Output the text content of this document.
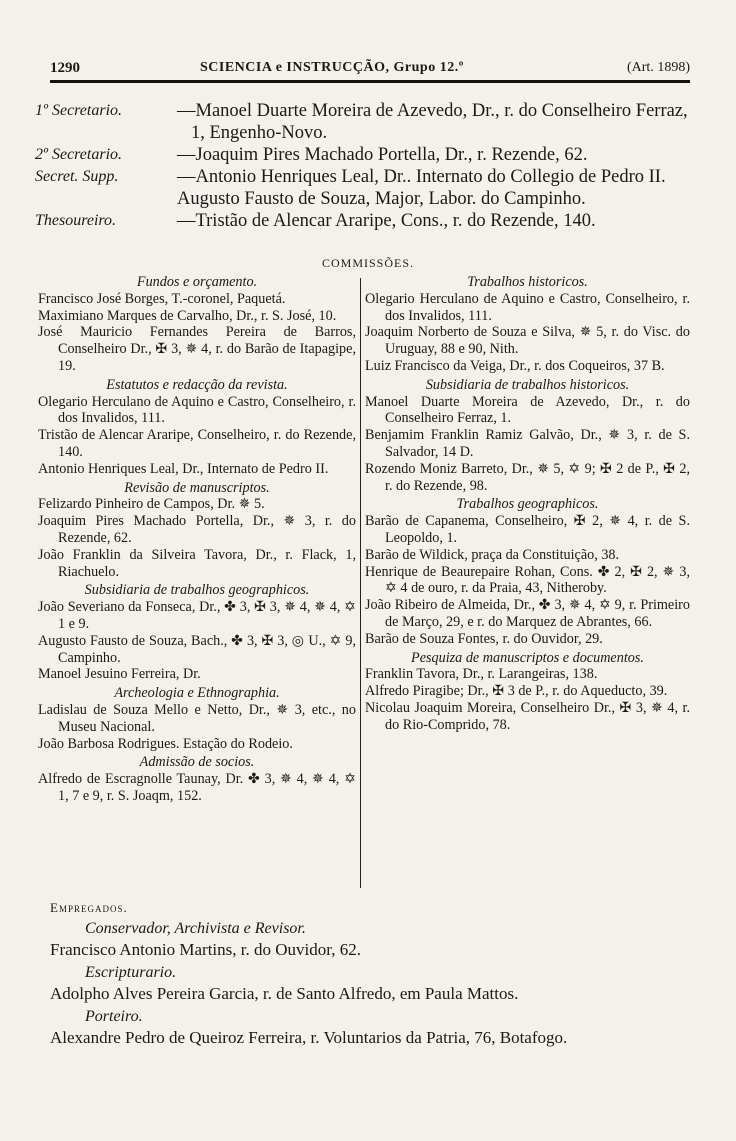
1290	SCIENCIA e INSTRUCÇÃO, Grupo 12.º	(Art. 1898)
1º Secretario.	—Manoel Duarte Moreira de Azevedo, Dr., r. do Conselheiro Ferraz, 1, Engenho-Novo.
2º Secretario.	—Joaquim Pires Machado Portella, Dr., r. Rezende, 62.
Secret. Supp.	—Antonio Henriques Leal, Dr.. Internato do Collegio de Pedro II.
Augusto Fausto de Souza, Major, Labor. do Campinho.
Thesoureiro.	—Tristão de Alencar Araripe, Cons., r. do Rezende, 140.
COMMISSÕES.
Fundos e orçamento.
Francisco José Borges, T.-coronel, Paquetá.
Maximiano Marques de Carvalho, Dr., r. S. José, 10.
José Mauricio Fernandes Pereira de Barros, Conselheiro Dr., ✠ 3, ✵ 4, r. do Barão de Itapagipe, 19.
Estatutos e redacção da revista.
Olegario Herculano de Aquino e Castro, Conselheiro, r. dos Invalidos, 111.
Tristão de Alencar Araripe, Conselheiro, r. do Rezende, 140.
Antonio Henriques Leal, Dr., Internato de Pedro II.
Revisão de manuscriptos.
Felizardo Pinheiro de Campos, Dr. ✵ 5.
Joaquim Pires Machado Portella, Dr., ✵ 3, r. do Rezende, 62.
João Franklin da Silveira Tavora, Dr., r. Flack, 1, Riachuelo.
Subsidiaria de trabalhos geographicos.
João Severiano da Fonseca, Dr., ✤ 3, ✠ 3, ✵ 4, ✵ 4, ✡ 1 e 9.
Augusto Fausto de Souza, Bach., ✤ 3, ✠ 3, ◎ U., ✡ 9, Campinho.
Manoel Jesuino Ferreira, Dr.
Archeologia e Ethnographia.
Ladislau de Souza Mello e Netto, Dr., ✵ 3, etc., no Museu Nacional.
João Barbosa Rodrigues. Estação do Rodeio.
Admissão de socios.
Alfredo de Escragnolle Taunay, Dr. ✤ 3, ✵ 4, ✵ 4, ✡ 1, 7 e 9, r. S. Joaqm, 152.
Trabalhos historicos.
Olegario Herculano de Aquino e Castro, Conselheiro, r. dos Invalidos, 111.
Joaquim Norberto de Souza e Silva, ✵ 5, r. do Visc. do Uruguay, 88 e 90, Nith.
Luiz Francisco da Veiga, Dr., r. dos Coqueiros, 37 B.
Subsidiaria de trabalhos historicos.
Manoel Duarte Moreira de Azevedo, Dr., r. do Conselheiro Ferraz, 1.
Benjamim Franklin Ramiz Galvão, Dr., ✵ 3, r. de S. Salvador, 14 D.
Rozendo Moniz Barreto, Dr., ✵ 5, ✡ 9; ✠ 2 de P., ✠ 2, r. do Rezende, 98.
Trabalhos geographicos.
Barão de Capanema, Conselheiro, ✠ 2, ✵ 4, r. de S. Leopoldo, 1.
Barão de Wildick, praça da Constituição, 38.
Henrique de Beaurepaire Rohan, Cons. ✤ 2, ✠ 2, ✵ 3, ✡ 4 de ouro, r. da Praia, 43, Nitheroby.
João Ribeiro de Almeida, Dr., ✤ 3, ✵ 4, ✡ 9, r. Primeiro de Março, 29, e r. do Marquez de Abrantes, 66.
Barão de Souza Fontes, r. do Ouvidor, 29.
Pesquiza de manuscriptos e documentos.
Franklin Tavora, Dr., r. Larangeiras, 138.
Alfredo Piragibe; Dr., ✠ 3 de P., r. do Aqueducto, 39.
Nicolau Joaquim Moreira, Conselheiro Dr., ✠ 3, ✵ 4, r. do Rio-Comprido, 78.
Empregados.
Conservador, Archivista e Revisor.
Francisco Antonio Martins, r. do Ouvidor, 62.
Escripturario.
Adolpho Alves Pereira Garcia, r. de Santo Alfredo, em Paula Mattos.
Porteiro.
Alexandre Pedro de Queiroz Ferreira, r. Voluntarios da Patria, 76, Botafogo.
